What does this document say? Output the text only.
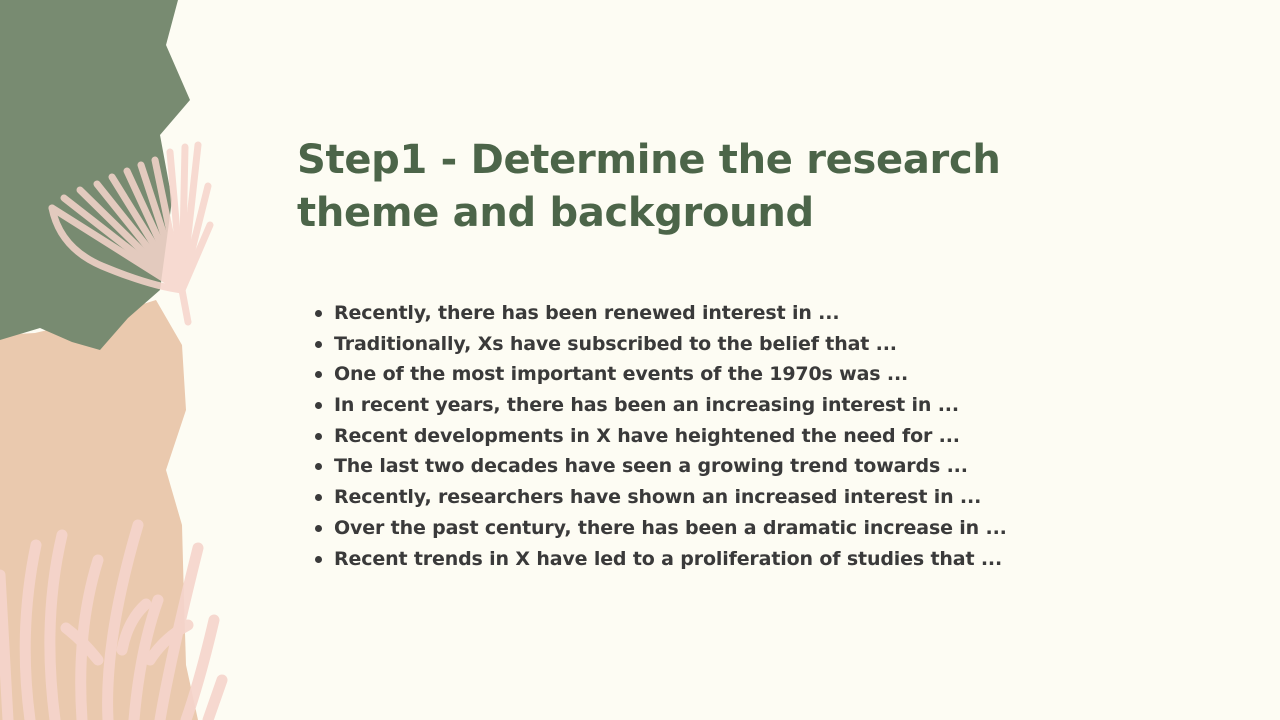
Step1 - Determine the research
theme and background
Recently, there has been renewed interest in ...
Traditionally, Xs have subscribed to the belief that ...
One of the most important events of the 1970s was ...
In recent years, there has been an increasing interest in ...
Recent developments in X have heightened the need for ...
The last two decades have seen a growing trend towards ...
Recently, researchers have shown an increased interest in ...
Over the past century, there has been a dramatic increase in ...
Recent trends in X have led to a proliferation of studies that ...
